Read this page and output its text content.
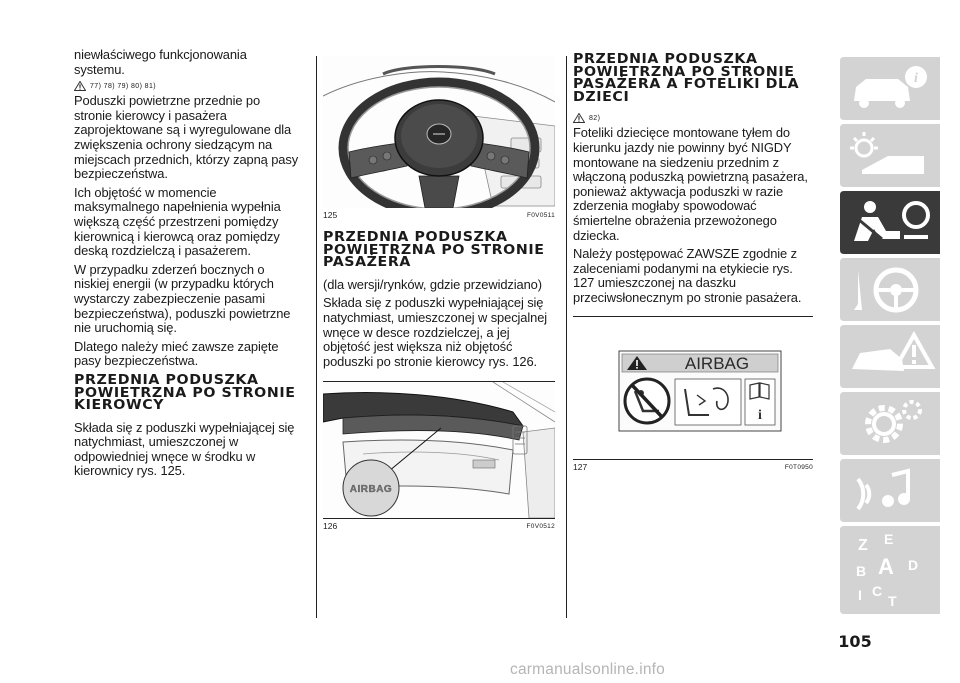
niewłaściwego funkcjonowania systemu.

77) 78) 79) 80) 81)

Poduszki powietrzne przednie po stronie kierowcy i pasażera zaprojektowane są i wyregulowane dla zwiększenia ochrony siedzącym na miejscach przednich, którzy zapną pasy bezpieczeństwa.

Ich objętość w momencie maksymalnego napełnienia wypełnia większą część przestrzeni pomiędzy kierownicą i kierowcą oraz pomiędzy deską rozdzielczą i pasażerem.

W przypadku zderzeń bocznych o niskiej energii (w przypadku których wystarczy zabezpieczenie pasami bezpieczeństwa), poduszki powietrzne nie uruchomią się.

Dlatego należy mieć zawsze zapięte pasy bezpieczeństwa.

PRZEDNIA PODUSZKA POWIETRZNA PO STRONIE KIEROWCY

Składa się z poduszki wypełniającej się natychmiast, umieszczonej w odpowiedniej wnęce w środku w kierownicy rys. 125.

125	F0V0511
PRZEDNIA PODUSZKA POWIETRZNA PO STRONIE PASAŻERA

(dla wersji/rynków, gdzie przewidziano)

Składa się z poduszki wypełniającej się natychmiast, umieszczonej w specjalnej wnęce w desce rozdzielczej, a jej objętość jest większa niż objętość poduszki po stronie kierowcy rys. 126.

AIRBAG
126	F0V0512
PRZEDNIA PODUSZKA POWIETRZNA PO STRONIE PASAŻERA A FOTELIKI DLA DZIECI
82)

Foteliki dziecięce montowane tyłem do kierunku jazdy nie powinny być NIGDY montowane na siedzeniu przednim z włączoną poduszką powietrzną pasażera, ponieważ aktywacja poduszki w razie zderzenia mogłaby spowodować śmiertelne obrażenia przewożonego dziecka.

Należy postępować ZAWSZE zgodnie z zaleceniami podanymi na etykiecie rys. 127 umieszczonej na daszku przeciwsłonecznym po stronie pasażera.

AIRBAG
i
127	F0T0950
i
Z E
B A D
I C
T
105
carmanualsonline.info
